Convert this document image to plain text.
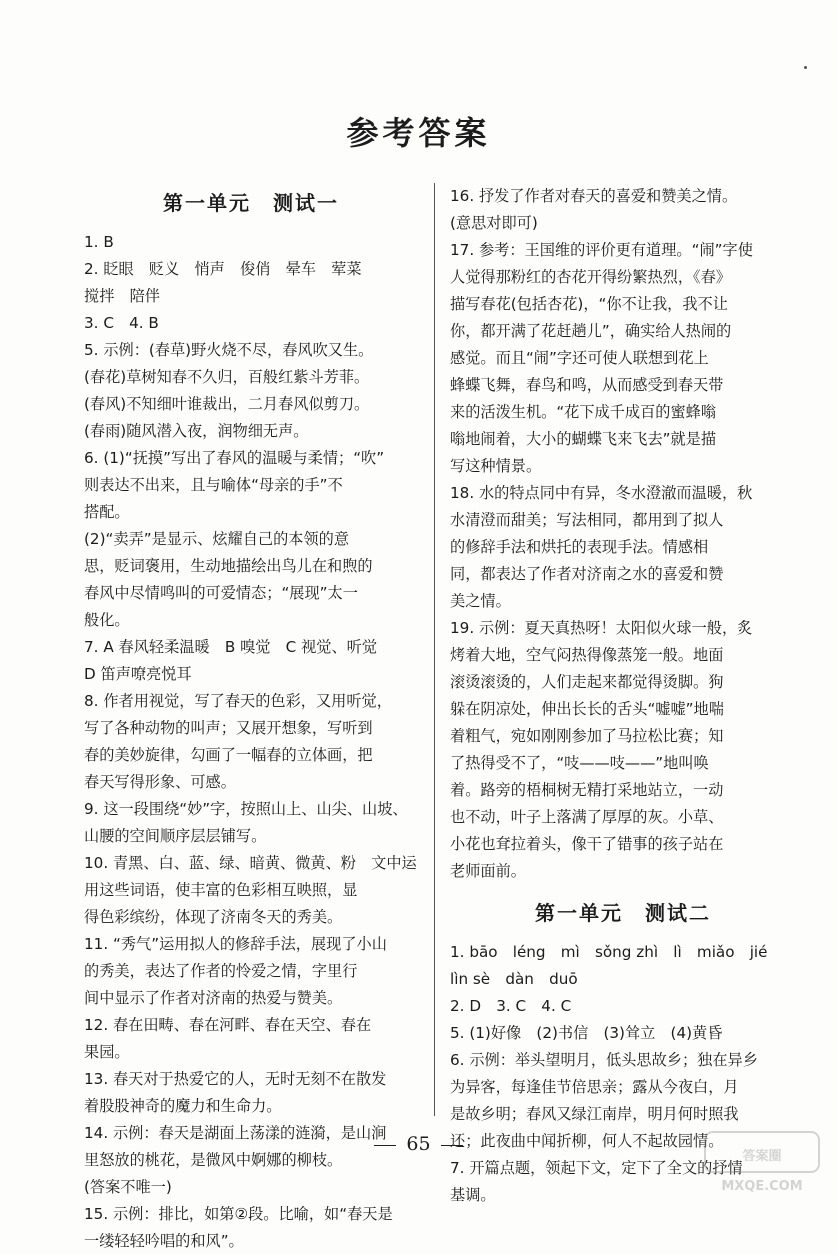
参考答案
第一单元 测试一
1. B
2. 眨眼　贬义　悄声　俊俏　晕车　荤菜
搅拌　陪伴
3. C　4. B
5. 示例：(春草)野火烧不尽，春风吹又生。
(春花)草树知春不久归，百般红紫斗芳菲。
(春风)不知细叶谁裁出，二月春风似剪刀。
(春雨)随风潜入夜，润物细无声。
6. (1)“抚摸”写出了春风的温暖与柔情；“吹”
则表达不出来，且与喻体“母亲的手”不
搭配。
(2)“卖弄”是显示、炫耀自己的本领的意
思，贬词褒用，生动地描绘出鸟儿在和煦的
春风中尽情鸣叫的可爱情态；“展现”太一
般化。
7. A 春风轻柔温暖　B 嗅觉　C 视觉、听觉
D 笛声嘹亮悦耳
8. 作者用视觉，写了春天的色彩，又用听觉，
写了各种动物的叫声；又展开想象，写听到
春的美妙旋律，勾画了一幅春的立体画，把
春天写得形象、可感。
9. 这一段围绕“妙”字，按照山上、山尖、山坡、
山腰的空间顺序层层铺写。
10. 青黑、白、蓝、绿、暗黄、微黄、粉　文中运
用这些词语，使丰富的色彩相互映照，显
得色彩缤纷，体现了济南冬天的秀美。
11. “秀气”运用拟人的修辞手法，展现了小山
的秀美，表达了作者的怜爱之情，字里行
间中显示了作者对济南的热爱与赞美。
12. 春在田畴、春在河畔、春在天空、春在
果园。
13. 春天对于热爱它的人，无时无刻不在散发
着股股神奇的魔力和生命力。
14. 示例：春天是湖面上荡漾的涟漪，是山涧
里怒放的桃花，是微风中婀娜的柳枝。
(答案不唯一)
15. 示例：排比，如第②段。比喻，如“春天是
一缕轻轻吟唱的和风”。
16. 抒发了作者对春天的喜爱和赞美之情。
(意思对即可)
17. 参考：王国维的评价更有道理。“闹”字使
人觉得那粉红的杏花开得纷繁热烈，《春》
描写春花(包括杏花)，“你不让我，我不让
你，都开满了花赶趟儿”，确实给人热闹的
感觉。而且“闹”字还可使人联想到花上
蜂蝶飞舞，春鸟和鸣，从而感受到春天带
来的活泼生机。“花下成千成百的蜜蜂嗡
嗡地闹着，大小的蝴蝶飞来飞去”就是描
写这种情景。
18. 水的特点同中有异，冬水澄澈而温暖，秋
水清澄而甜美；写法相同，都用到了拟人
的修辞手法和烘托的表现手法。情感相
同，都表达了作者对济南之水的喜爱和赞
美之情。
19. 示例：夏天真热呀！太阳似火球一般，炙
烤着大地，空气闷热得像蒸笼一般。地面
滚烫滚烫的，人们走起来都觉得烫脚。狗
躲在阴凉处，伸出长长的舌头“嘘嘘”地喘
着粗气，宛如刚刚参加了马拉松比赛；知
了热得受不了，“吱——吱——”地叫唤
着。路旁的梧桐树无精打采地站立，一动
也不动，叶子上落满了厚厚的灰。小草、
小花也耷拉着头，像干了错事的孩子站在
老师面前。
第一单元 测试二
1. bāo　léng　mì　sǒng zhì　lì　miǎo　jié
lìn sè　dàn　duō
2. D　3. C　4. C
5. (1)好像　(2)书信　(3)耸立　(4)黄昏
6. 示例：举头望明月，低头思故乡；独在异乡
为异客，每逢佳节倍思亲；露从今夜白，月
是故乡明；春风又绿江南岸，明月何时照我
还；此夜曲中闻折柳，何人不起故园情。
7. 开篇点题，领起下文，定下了全文的抒情
基调。
65
答案圈
MXQE.COM
